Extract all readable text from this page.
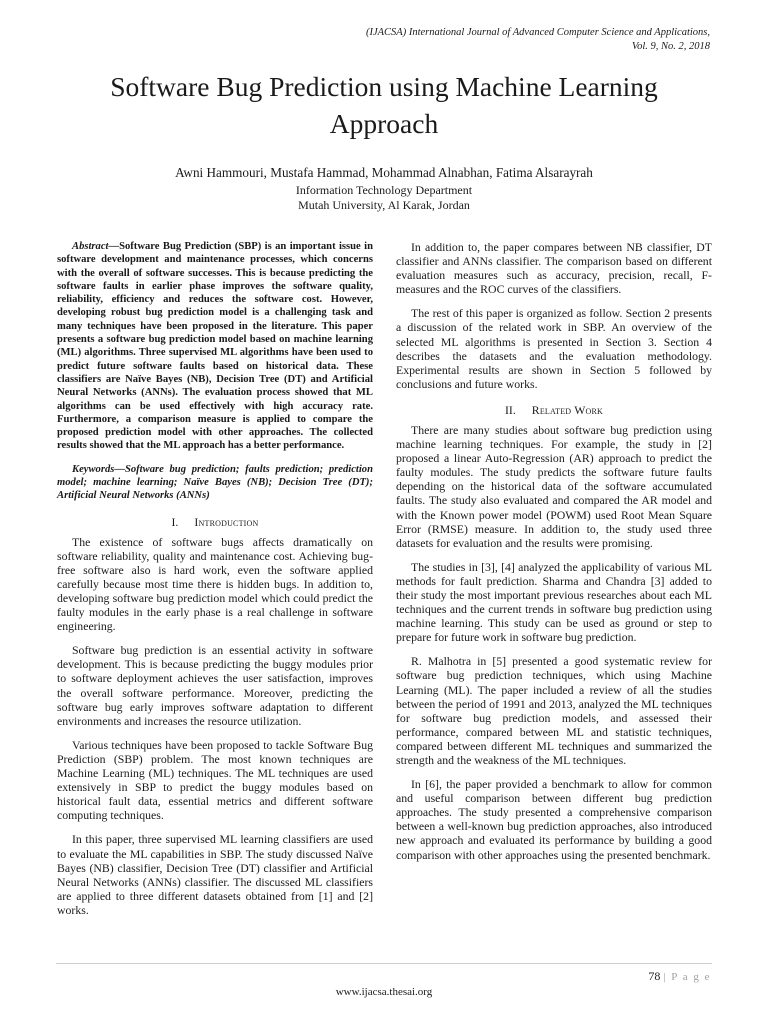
(IJACSA) International Journal of Advanced Computer Science and Applications,
Vol. 9, No. 2, 2018
Software Bug Prediction using Machine Learning
Approach
Awni Hammouri, Mustafa Hammad, Mohammad Alnabhan, Fatima Alsarayrah
Information Technology Department
Mutah University, Al Karak, Jordan

Abstract—Software Bug Prediction (SBP) is an important issue in software development and maintenance processes, which concerns with the overall of software successes. This is because predicting the software faults in earlier phase improves the software quality, reliability, efficiency and reduces the software cost. However, developing robust bug prediction model is a challenging task and many techniques have been proposed in the literature. This paper presents a software bug prediction model based on machine learning (ML) algorithms. Three supervised ML algorithms have been used to predict future software faults based on historical data. These classifiers are Naïve Bayes (NB), Decision Tree (DT) and Artificial Neural Networks (ANNs). The evaluation process showed that ML algorithms can be used effectively with high accuracy rate. Furthermore, a comparison measure is applied to compare the proposed prediction model with other approaches. The collected results showed that the ML approach has a better performance.

Keywords—Software bug prediction; faults prediction; prediction model; machine learning; Naïve Bayes (NB); Decision Tree (DT); Artificial Neural Networks (ANNs)

I. Introduction

The existence of software bugs affects dramatically on software reliability, quality and maintenance cost. Achieving bug-free software also is hard work, even the software applied carefully because most time there is hidden bugs. In addition to, developing software bug prediction model which could predict the faulty modules in the early phase is a real challenge in software engineering.

Software bug prediction is an essential activity in software development. This is because predicting the buggy modules prior to software deployment achieves the user satisfaction, improves the overall software performance. Moreover, predicting the software bug early improves software adaptation to different environments and increases the resource utilization.

Various techniques have been proposed to tackle Software Bug Prediction (SBP) problem. The most known techniques are Machine Learning (ML) techniques. The ML techniques are used extensively in SBP to predict the buggy modules based on historical fault data, essential metrics and different software computing techniques.

In this paper, three supervised ML learning classifiers are used to evaluate the ML capabilities in SBP. The study discussed Naïve Bayes (NB) classifier, Decision Tree (DT) classifier and Artificial Neural Networks (ANNs) classifier. The discussed ML classifiers are applied to three different datasets obtained from [1] and [2] works.

In addition to, the paper compares between NB classifier, DT classifier and ANNs classifier. The comparison based on different evaluation measures such as accuracy, precision, recall, F-measures and the ROC curves of the classifiers.

The rest of this paper is organized as follow. Section 2 presents a discussion of the related work in SBP. An overview of the selected ML algorithms is presented in Section 3. Section 4 describes the datasets and the evaluation methodology. Experimental results are shown in Section 5 followed by conclusions and future works.

II. Related Work

There are many studies about software bug prediction using machine learning techniques. For example, the study in [2] proposed a linear Auto-Regression (AR) approach to predict the faulty modules. The study predicts the software future faults depending on the historical data of the software accumulated faults. The study also evaluated and compared the AR model and with the Known power model (POWM) used Root Mean Square Error (RMSE) measure. In addition to, the study used three datasets for evaluation and the results were promising.

The studies in [3], [4] analyzed the applicability of various ML methods for fault prediction. Sharma and Chandra [3] added to their study the most important previous researches about each ML techniques and the current trends in software bug prediction using machine learning. This study can be used as ground or step to prepare for future work in software bug prediction.

R. Malhotra in [5] presented a good systematic review for software bug prediction techniques, which using Machine Learning (ML). The paper included a review of all the studies between the period of 1991 and 2013, analyzed the ML techniques for software bug prediction models, and assessed their performance, compared between ML and statistic techniques, compared between different ML techniques and summarized the strength and the weakness of the ML techniques.

In [6], the paper provided a benchmark to allow for common and useful comparison between different bug prediction approaches. The study presented a comprehensive comparison between a well-known bug prediction approaches, also introduced new approach and evaluated its performance by building a good comparison with other approaches using the presented benchmark.

78 | P a g e
www.ijacsa.thesai.org
